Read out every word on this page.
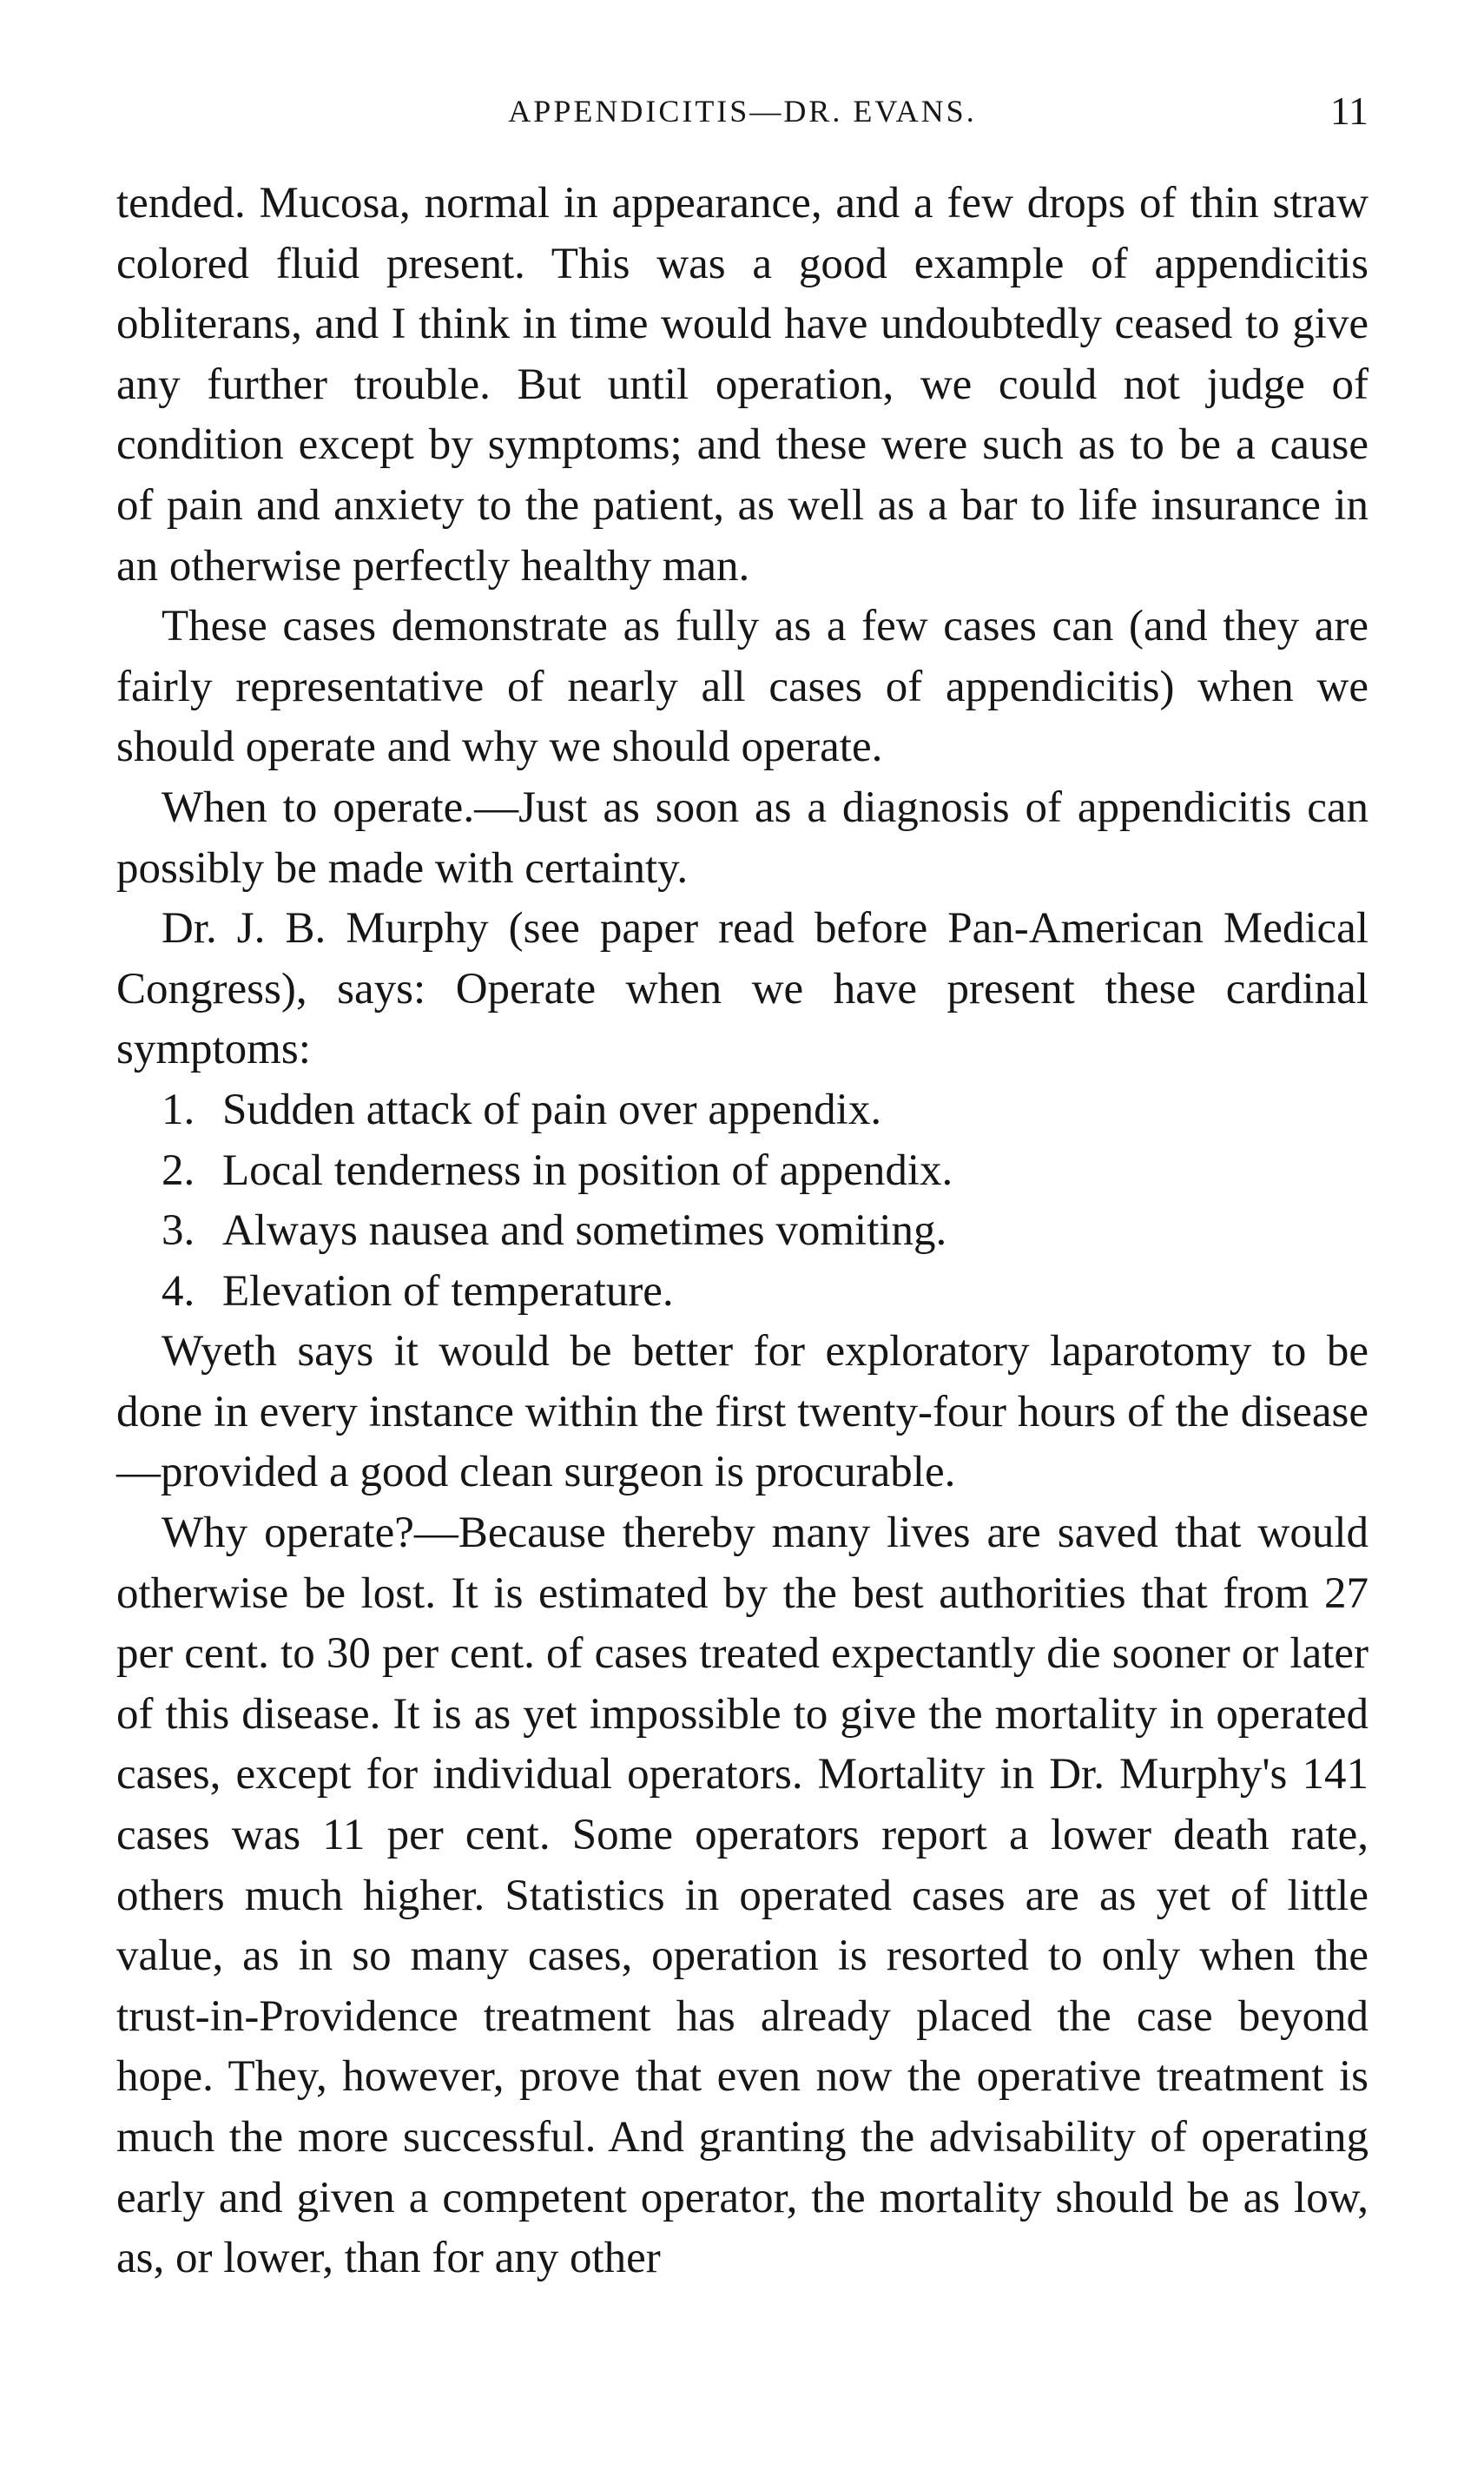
APPENDICITIS—DR. EVANS.	11

tended. Mucosa, normal in appearance, and a few drops of thin straw colored fluid present. This was a good example of appendicitis obliterans, and I think in time would have undoubtedly ceased to give any further trouble. But until operation, we could not judge of condition except by symptoms; and these were such as to be a cause of pain and anxiety to the patient, as well as a bar to life insurance in an otherwise perfectly healthy man.

These cases demonstrate as fully as a few cases can (and they are fairly representative of nearly all cases of appendicitis) when we should operate and why we should operate.

When to operate.—Just as soon as a diagnosis of appendicitis can possibly be made with certainty.

Dr. J. B. Murphy (see paper read before Pan-American Medical Congress), says: Operate when we have present these cardinal symptoms:

1. Sudden attack of pain over appendix.
2. Local tenderness in position of appendix.
3. Always nausea and sometimes vomiting.
4. Elevation of temperature.

Wyeth says it would be better for exploratory laparotomy to be done in every instance within the first twenty-four hours of the disease—provided a good clean surgeon is procurable.

Why operate?—Because thereby many lives are saved that would otherwise be lost. It is estimated by the best authorities that from 27 per cent. to 30 per cent. of cases treated expectantly die sooner or later of this disease. It is as yet impossible to give the mortality in operated cases, except for individual operators. Mortality in Dr. Murphy's 141 cases was 11 per cent. Some operators report a lower death rate, others much higher. Statistics in operated cases are as yet of little value, as in so many cases, operation is resorted to only when the trust-in-Providence treatment has already placed the case beyond hope. They, however, prove that even now the operative treatment is much the more successful. And granting the advisability of operating early and given a competent operator, the mortality should be as low, as, or lower, than for any other
